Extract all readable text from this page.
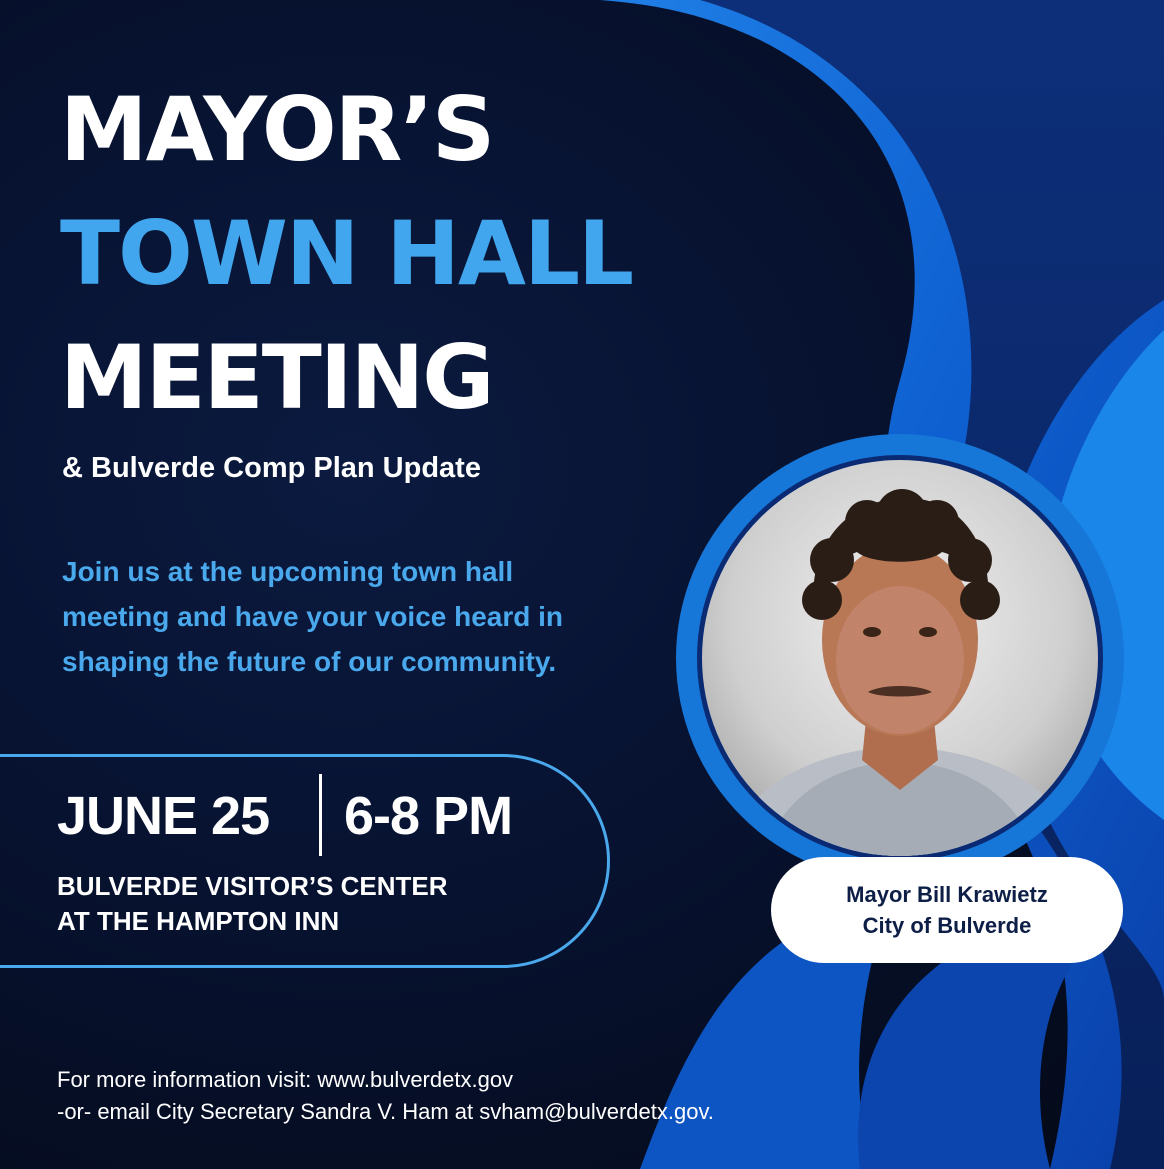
MAYOR’S
TOWN HALL
MEETING
& Bulverde Comp Plan Update
Join us at the upcoming town hall
meeting and have your voice heard in
shaping the future of our community.
JUNE 25 6-8 PM
BULVERDE VISITOR’S CENTER
AT THE HAMPTON INN
Mayor Bill Krawietz
City of Bulverde
For more information visit: www.bulverdetx.gov
-or- email City Secretary Sandra V. Ham at svham@bulverdetx.gov.
